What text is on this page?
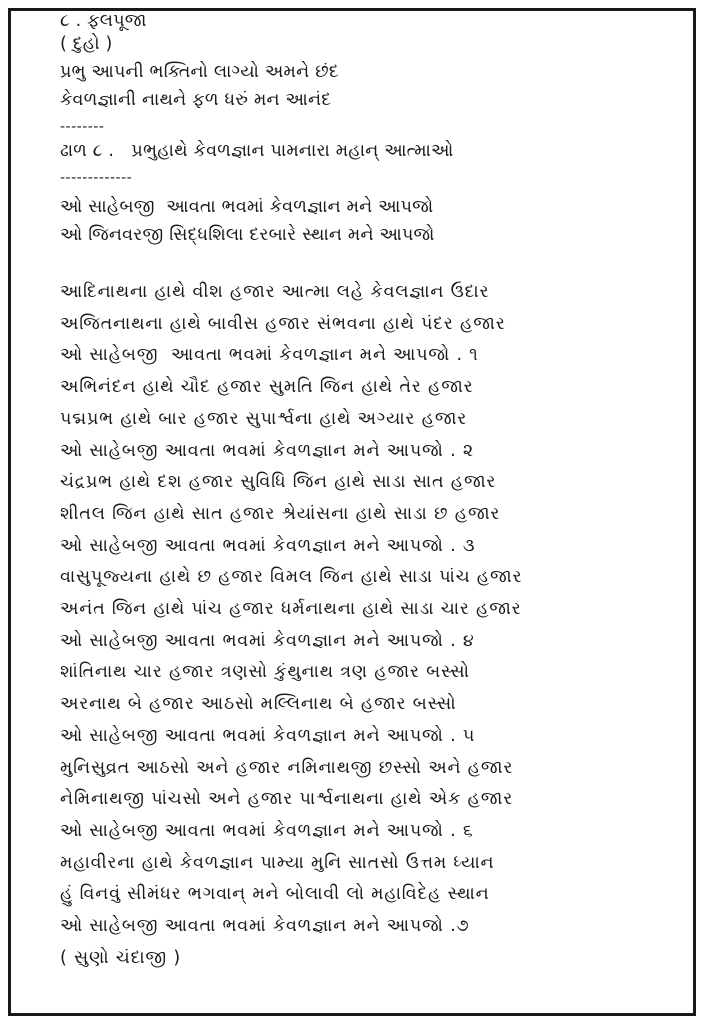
૮ . ફલપૂજા
( દુહો )
પ્રભુ આપની ભક્તિનો લાગ્યો અમને છંદ
કેવળજ્ઞાની નાથને ફળ ધરું મન આનંદ
--------
ઢાળ ૮ .   પ્રભુહાથે કેવળજ્ઞાન પામનારા મહાન્ આત્માઓ
-------------
ઓ સાહેબજી  આવતા ભવમાં કેવળજ્ઞાન મને આપજો
ઓ જિનવરજી સિદ્ધશિલા દરબારે સ્થાન મને આપજો
આદિનાથના હાથે વીશ હજાર આત્મા લહે કેવલજ્ઞાન ઉદાર
અજિતનાથના હાથે બાવીસ હજાર સંભવના હાથે પંદર હજાર
ઓ સાહેબજી  આવતા ભવમાં કેવળજ્ઞાન મને આપજો . ૧
અભિનંદન હાથે ચૌદ હજાર સુમતિ જિન હાથે તેર હજાર
પદ્મપ્રભ હાથે બાર હજાર સુપાર્શ્વના હાથે અગ્યાર હજાર
ઓ સાહેબજી આવતા ભવમાં કેવળજ્ઞાન મને આપજો . ૨
ચંદ્રપ્રભ હાથે દશ હજાર સુવિધિ જિન હાથે સાડા સાત હજાર
શીતલ જિન હાથે સાત હજાર શ્રેયાંસના હાથે સાડા છ હજાર
ઓ સાહેબજી આવતા ભવમાં કેવળજ્ઞાન મને આપજો . ૩
વાસુપૂજ્યના હાથે છ હજાર વિમલ જિન હાથે સાડા પાંચ હજાર
અનંત જિન હાથે પાંચ હજાર ધર્મનાથના હાથે સાડા ચાર હજાર
ઓ સાહેબજી આવતા ભવમાં કેવળજ્ઞાન મને આપજો . ૪
શાંતિનાથ ચાર હજાર ત્રણસો કુંથુનાથ ત્રણ હજાર બસ્સો
અરનાથ બે હજાર આઠસો મલ્લિનાથ બે હજાર બસ્સો
ઓ સાહેબજી આવતા ભવમાં કેવળજ્ઞાન મને આપજો . ૫
મુનિસુવ્રત આઠસો અને હજાર નમિનાથજી છસ્સો અને હજાર
નેમિનાથજી પાંચસો અને હજાર પાર્શ્વનાથના હાથે એક હજાર
ઓ સાહેબજી આવતા ભવમાં કેવળજ્ઞાન મને આપજો . ૬
મહાવીરના હાથે કેવળજ્ઞાન પામ્યા મુનિ સાતસો ઉત્તમ ધ્યાન
હું વિનવું સીમંધર ભગવાન્ મને બોલાવી લો મહાવિદેહ સ્થાન
ઓ સાહેબજી આવતા ભવમાં કેવળજ્ઞાન મને આપજો .૭
( સુણો ચંદાજી )
